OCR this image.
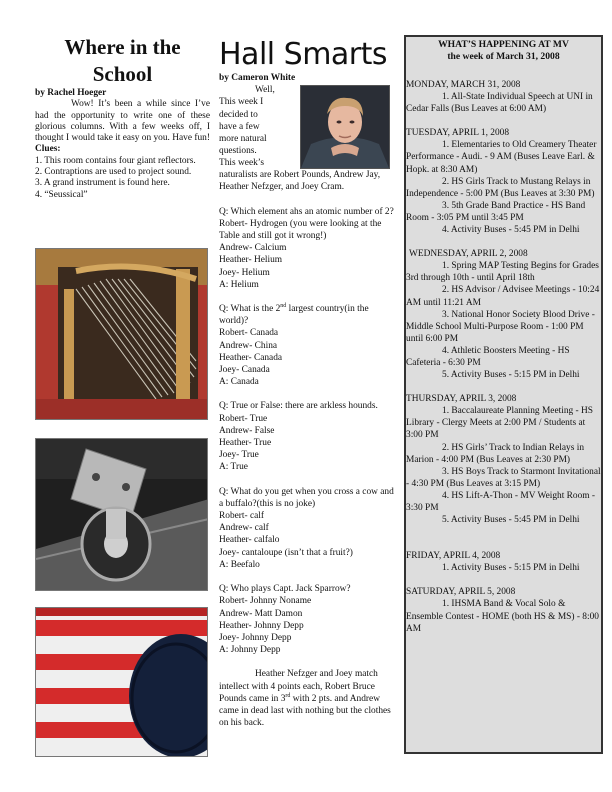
Where in the
School

by Rachel Hoeger

Wow! It’s been a while since I’ve had the opportunity to write one of these glorious columns. With a few weeks off, I thought I would take it easy on you. Have fun!

Clues:

1. This room contains four giant reflectors.

2. Contraptions are used to project sound.

3. A grand instrument is found here.

4. “Seussical”

Hall Smarts

by Cameron White

Well,

This week I

decided to

have a few

more natural

questions.

This week’s

naturalists are Robert Pounds, Andrew Jay, Heather Nefzger, and Joey Cram.

Q: Which element ahs an atomic number of 2?

Robert- Hydrogen (you were looking at the Table and still got it wrong!)

Andrew- Calcium

Heather- Helium

Joey- Helium

A: Helium

Q: What is the 2nd largest country(in the world)?

Robert- Canada

Andrew- China

Heather- Canada

Joey- Canada

A: Canada

Q: True or False: there are arkless hounds.

Robert- True

Andrew- False

Heather- True

Joey- True

A: True

Q: What do you get when you cross a cow and a buffalo?(this is no joke)

Robert- calf

Andrew- calf

Heather- calfalo

Joey- cantaloupe (isn’t that a fruit?)

A: Beefalo

Q: Who plays Capt. Jack Sparrow?

Robert- Johnny Noname

Andrew- Matt Damon

Heather- Johnny Depp

Joey- Johnny Depp

A: Johnny Depp

Heather Nefzger and Joey match intellect with 4 points each, Robert Bruce Pounds came in 3rd with 2 pts. and Andrew came in dead last with nothing but the clothes on his back.

WHAT’S HAPPENING AT MV
the week of March 31, 2008

MONDAY, MARCH 31, 2008

1. All-State Individual Speech at UNI in Cedar Falls (Bus Leaves at 6:00 AM)

TUESDAY, APRIL 1, 2008

1. Elementaries to Old Creamery Theater Performance - Audi. - 9 AM (Buses Leave Earl. & Hopk. at 8:30 AM)

2. HS Girls Track to Mustang Relays in Independence - 5:00 PM (Bus Leaves at 3:30 PM)

3. 5th Grade Band Practice - HS Band Room - 3:05 PM until 3:45 PM

4. Activity Buses - 5:45 PM in Delhi

WEDNESDAY, APRIL 2, 2008

1. Spring MAP Testing Begins for Grades 3rd through 10th - until April 18th

2. HS Advisor / Advisee Meetings - 10:24 AM until 11:21 AM

3. National Honor Society Blood Drive - Middle School Multi-Purpose Room - 1:00 PM until 6:00 PM

4. Athletic Boosters Meeting - HS Cafeteria - 6:30 PM

5. Activity Buses - 5:15 PM in Delhi

THURSDAY, APRIL 3, 2008

1. Baccalaureate Planning Meeting - HS Library - Clergy Meets at 2:00 PM / Students at 3:00 PM

2. HS Girls’ Track to Indian Relays in Marion - 4:00 PM (Bus Leaves at 2:30 PM)

3. HS Boys Track to Starmont Invitational - 4:30 PM (Bus Leaves at 3:15 PM)

4. HS Lift-A-Thon - MV Weight Room - 3:30 PM

5. Activity Buses - 5:45 PM in Delhi

FRIDAY, APRIL 4, 2008

1. Activity Buses - 5:15 PM in Delhi

SATURDAY, APRIL 5, 2008

1. IHSMA Band & Vocal Solo & Ensemble Contest - HOME (both HS & MS) - 8:00 AM
